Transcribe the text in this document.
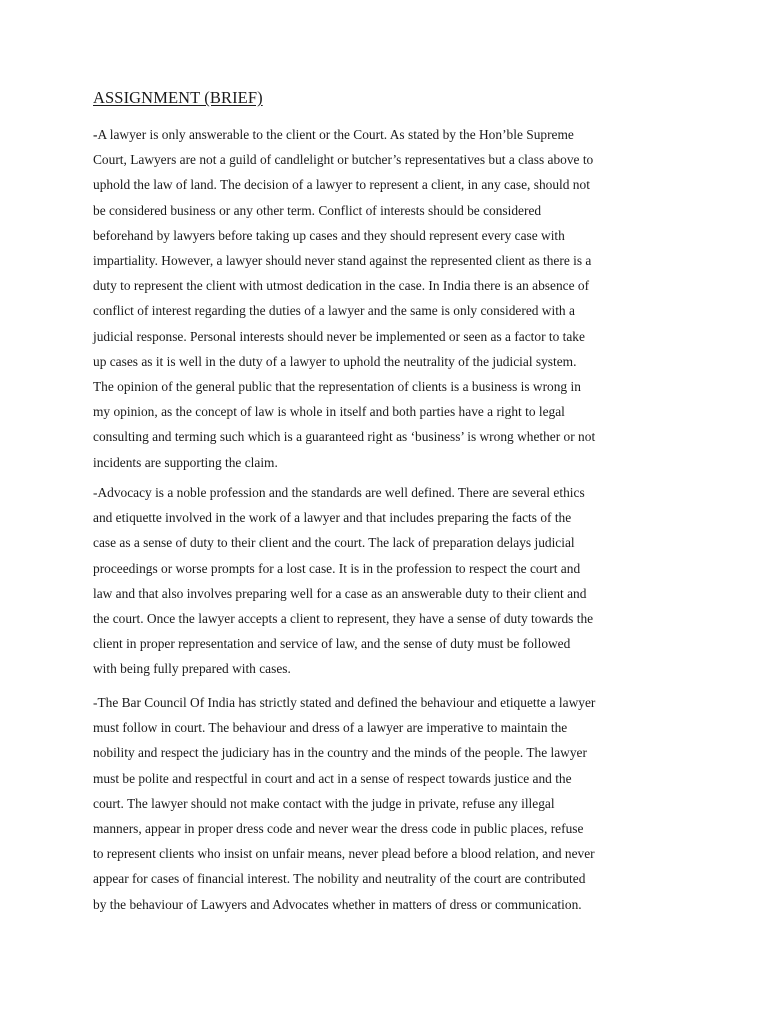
ASSIGNMENT (BRIEF)
-A lawyer is only answerable to the client or the Court. As stated by the Hon’ble Supreme
Court, Lawyers are not a guild of candlelight or butcher’s representatives but a class above to
uphold the law of land. The decision of a lawyer to represent a client, in any case, should not
be considered business or any other term. Conflict of interests should be considered
beforehand by lawyers before taking up cases and they should represent every case with
impartiality. However, a lawyer should never stand against the represented client as there is a
duty to represent the client with utmost dedication in the case. In India there is an absence of
conflict of interest regarding the duties of a lawyer and the same is only considered with a
judicial response. Personal interests should never be implemented or seen as a factor to take
up cases as it is well in the duty of a lawyer to uphold the neutrality of the judicial system.
The opinion of the general public that the representation of clients is a business is wrong in
my opinion, as the concept of law is whole in itself and both parties have a right to legal
consulting and terming such which is a guaranteed right as ‘business’ is wrong whether or not
incidents are supporting the claim.
-Advocacy is a noble profession and the standards are well defined. There are several ethics
and etiquette involved in the work of a lawyer and that includes preparing the facts of the
case as a sense of duty to their client and the court. The lack of preparation delays judicial
proceedings or worse prompts for a lost case. It is in the profession to respect the court and
law and that also involves preparing well for a case as an answerable duty to their client and
the court. Once the lawyer accepts a client to represent, they have a sense of duty towards the
client in proper representation and service of law, and the sense of duty must be followed
with being fully prepared with cases.
-The Bar Council Of India has strictly stated and defined the behaviour and etiquette a lawyer
must follow in court. The behaviour and dress of a lawyer are imperative to maintain the
nobility and respect the judiciary has in the country and the minds of the people. The lawyer
must be polite and respectful in court and act in a sense of respect towards justice and the
court. The lawyer should not make contact with the judge in private, refuse any illegal
manners, appear in proper dress code and never wear the dress code in public places, refuse
to represent clients who insist on unfair means, never plead before a blood relation, and never
appear for cases of financial interest. The nobility and neutrality of the court are contributed
by the behaviour of Lawyers and Advocates whether in matters of dress or communication.
